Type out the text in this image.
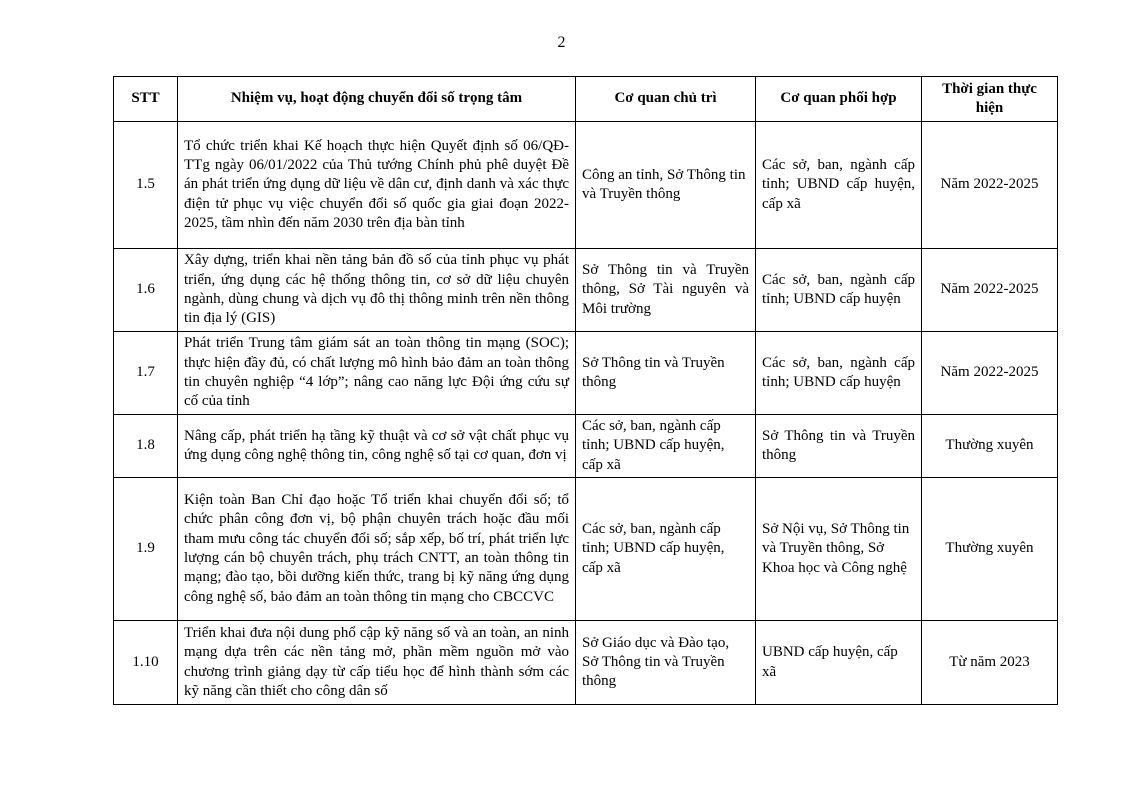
2
STT	Nhiệm vụ, hoạt động chuyển đổi số trọng tâm	Cơ quan chủ trì	Cơ quan phối hợp	Thời gian thực hiện
1.5	Tổ chức triển khai Kế hoạch thực hiện Quyết định số 06/QĐ-TTg ngày 06/01/2022 của Thủ tướng Chính phủ phê duyệt Đề án phát triển ứng dụng dữ liệu về dân cư, định danh và xác thực điện tử phục vụ việc chuyển đổi số quốc gia giai đoạn 2022-2025, tầm nhìn đến năm 2030 trên địa bàn tỉnh	Công an tỉnh, Sở Thông tin và Truyền thông	Các sở, ban, ngành cấp tỉnh; UBND cấp huyện, cấp xã	Năm 2022-2025
1.6	Xây dựng, triển khai nền tảng bản đồ số của tỉnh phục vụ phát triển, ứng dụng các hệ thống thông tin, cơ sở dữ liệu chuyên ngành, dùng chung và dịch vụ đô thị thông minh trên nền thông tin địa lý (GIS)	Sở Thông tin và Truyền thông, Sở Tài nguyên và Môi trường	Các sở, ban, ngành cấp tỉnh; UBND cấp huyện	Năm 2022-2025
1.7	Phát triển Trung tâm giám sát an toàn thông tin mạng (SOC); thực hiện đầy đủ, có chất lượng mô hình bảo đảm an toàn thông tin chuyên nghiệp “4 lớp”; nâng cao năng lực Đội ứng cứu sự cố của tỉnh	Sở Thông tin và Truyền thông	Các sở, ban, ngành cấp tỉnh; UBND cấp huyện	Năm 2022-2025
1.8	Nâng cấp, phát triển hạ tầng kỹ thuật và cơ sở vật chất phục vụ ứng dụng công nghệ thông tin, công nghệ số tại cơ quan, đơn vị	Các sở, ban, ngành cấp tỉnh; UBND cấp huyện, cấp xã	Sở Thông tin và Truyền thông	Thường xuyên
1.9	Kiện toàn Ban Chỉ đạo hoặc Tổ triển khai chuyển đổi số; tổ chức phân công đơn vị, bộ phận chuyên trách hoặc đầu mối tham mưu công tác chuyển đổi số; sắp xếp, bố trí, phát triển lực lượng cán bộ chuyên trách, phụ trách CNTT, an toàn thông tin mạng; đào tạo, bồi dưỡng kiến thức, trang bị kỹ năng ứng dụng công nghệ số, bảo đảm an toàn thông tin mạng cho CBCCVC	Các sở, ban, ngành cấp tỉnh; UBND cấp huyện, cấp xã	Sở Nội vụ, Sở Thông tin và Truyền thông, Sở Khoa học và Công nghệ	Thường xuyên
1.10	Triển khai đưa nội dung phổ cập kỹ năng số và an toàn, an ninh mạng dựa trên các nền tảng mở, phần mềm nguồn mở vào chương trình giảng dạy từ cấp tiểu học để hình thành sớm các kỹ năng cần thiết cho công dân số	Sở Giáo dục và Đào tạo, Sở Thông tin và Truyền thông	UBND cấp huyện, cấp xã	Từ năm 2023
